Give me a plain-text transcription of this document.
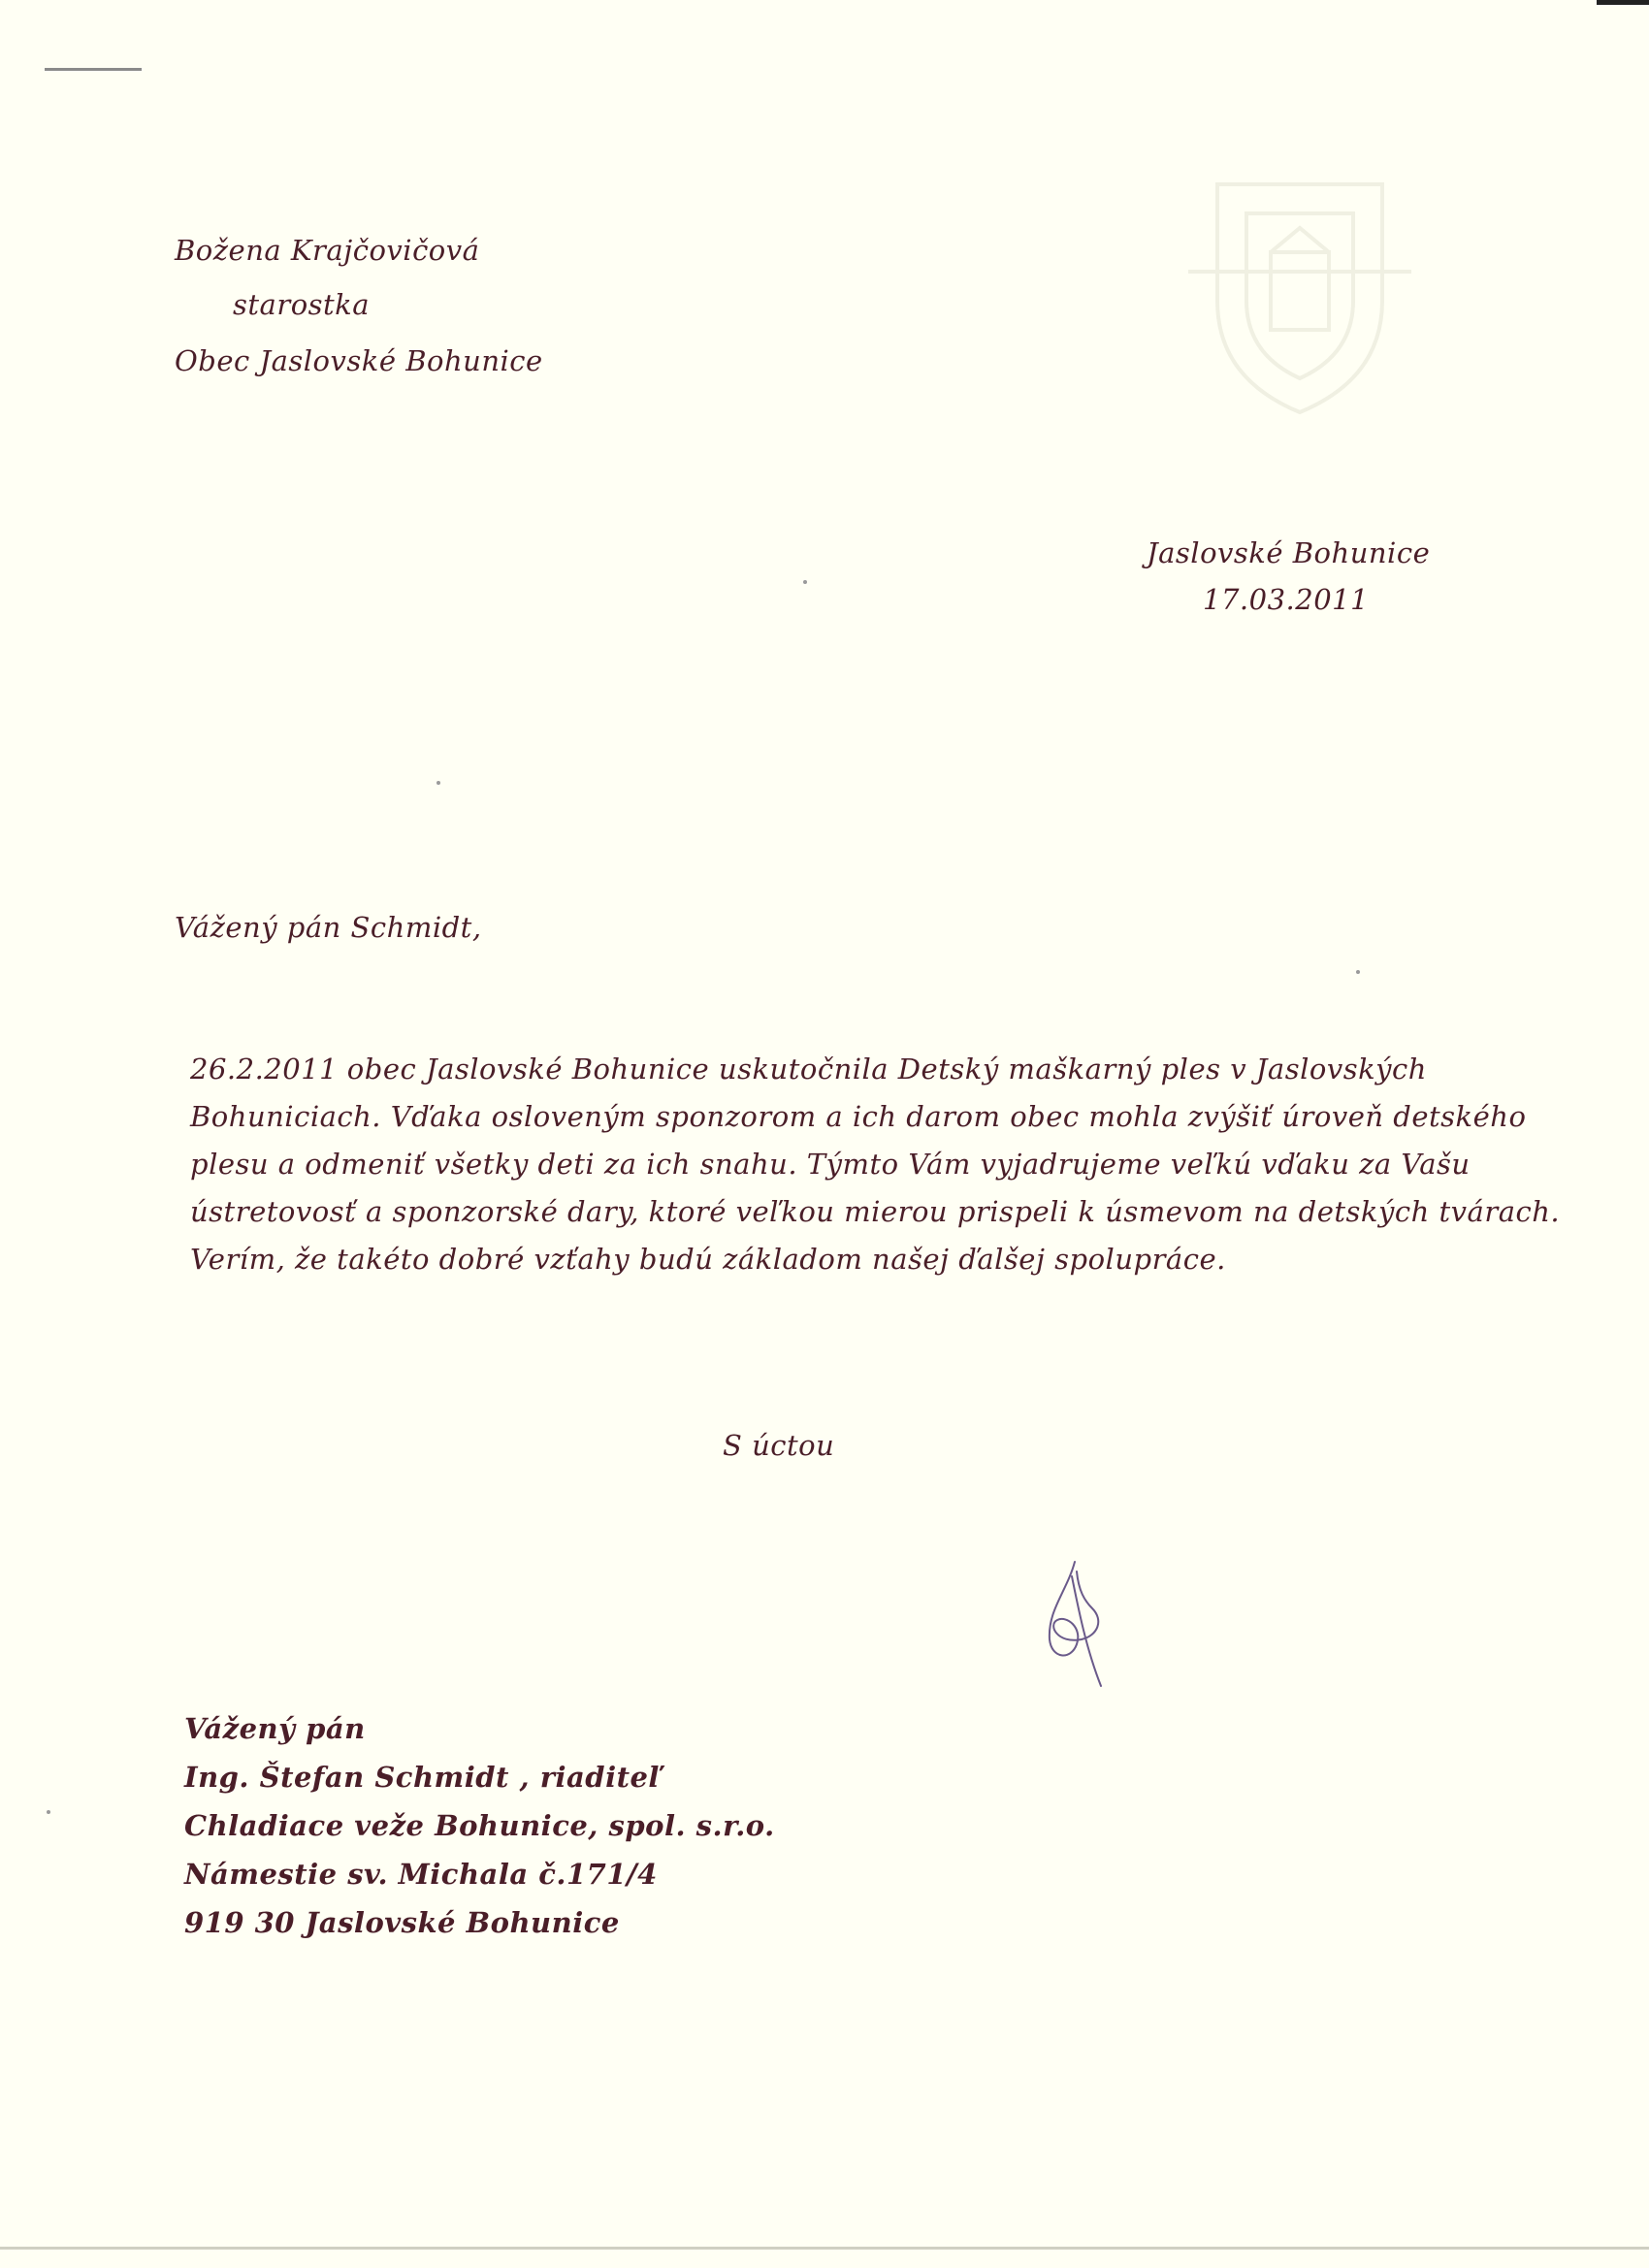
Božena Krajčovičová

starostka

Obec Jaslovské Bohunice

Jaslovské Bohunice

17.03.2011

Vážený pán Schmidt,

26.2.2011 obec Jaslovské Bohunice uskutočnila Detský maškarný ples v Jaslovských

Bohuniciach. Vďaka osloveným sponzorom a ich darom obec mohla zvýšiť úroveň detského

plesu a odmeniť všetky deti za ich snahu. Týmto Vám vyjadrujeme veľkú vďaku za Vašu

ústretovosť a sponzorské dary, ktoré veľkou mierou prispeli k úsmevom na detských tvárach.

Verím, že takéto dobré vzťahy budú základom našej ďalšej spolupráce.

S úctou

Vážený pán

Ing. Štefan Schmidt , riaditeľ

Chladiace veže Bohunice, spol. s.r.o.

Námestie sv. Michala č.171/4

919 30 Jaslovské Bohunice
